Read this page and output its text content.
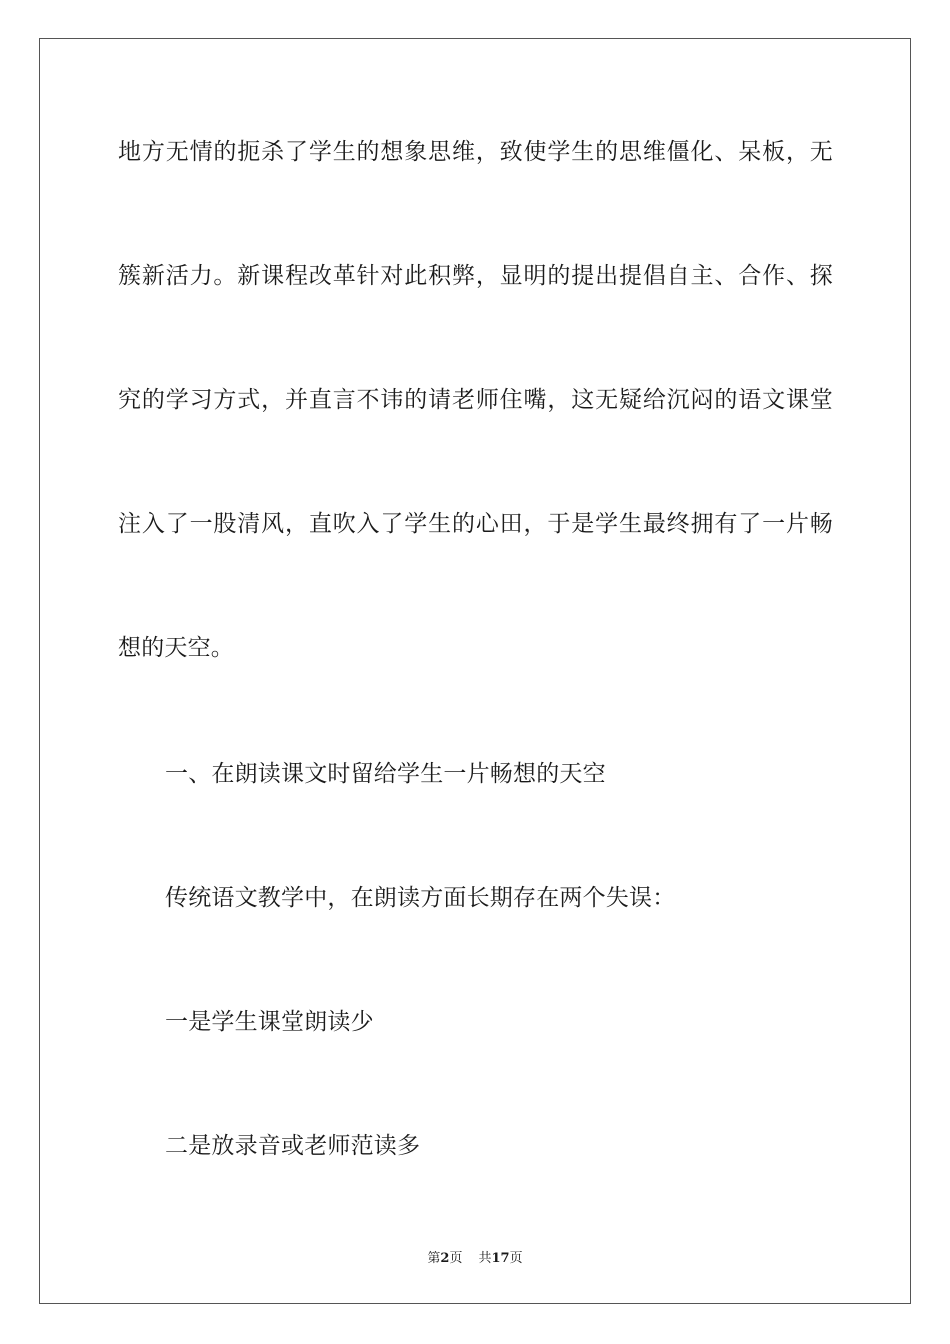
地方无情的扼杀了学生的想象思维，致使学生的思维僵化、呆板，无
簇新活力。新课程改革针对此积弊，显明的提出提倡自主、合作、探
究的学习方式，并直言不讳的请老师住嘴，这无疑给沉闷的语文课堂
注入了一股清风，直吹入了学生的心田，于是学生最终拥有了一片畅
想的天空。
一、在朗读课文时留给学生一片畅想的天空
传统语文教学中，在朗读方面长期存在两个失误：
一是学生课堂朗读少
二是放录音或老师范读多
第2页 共17页
